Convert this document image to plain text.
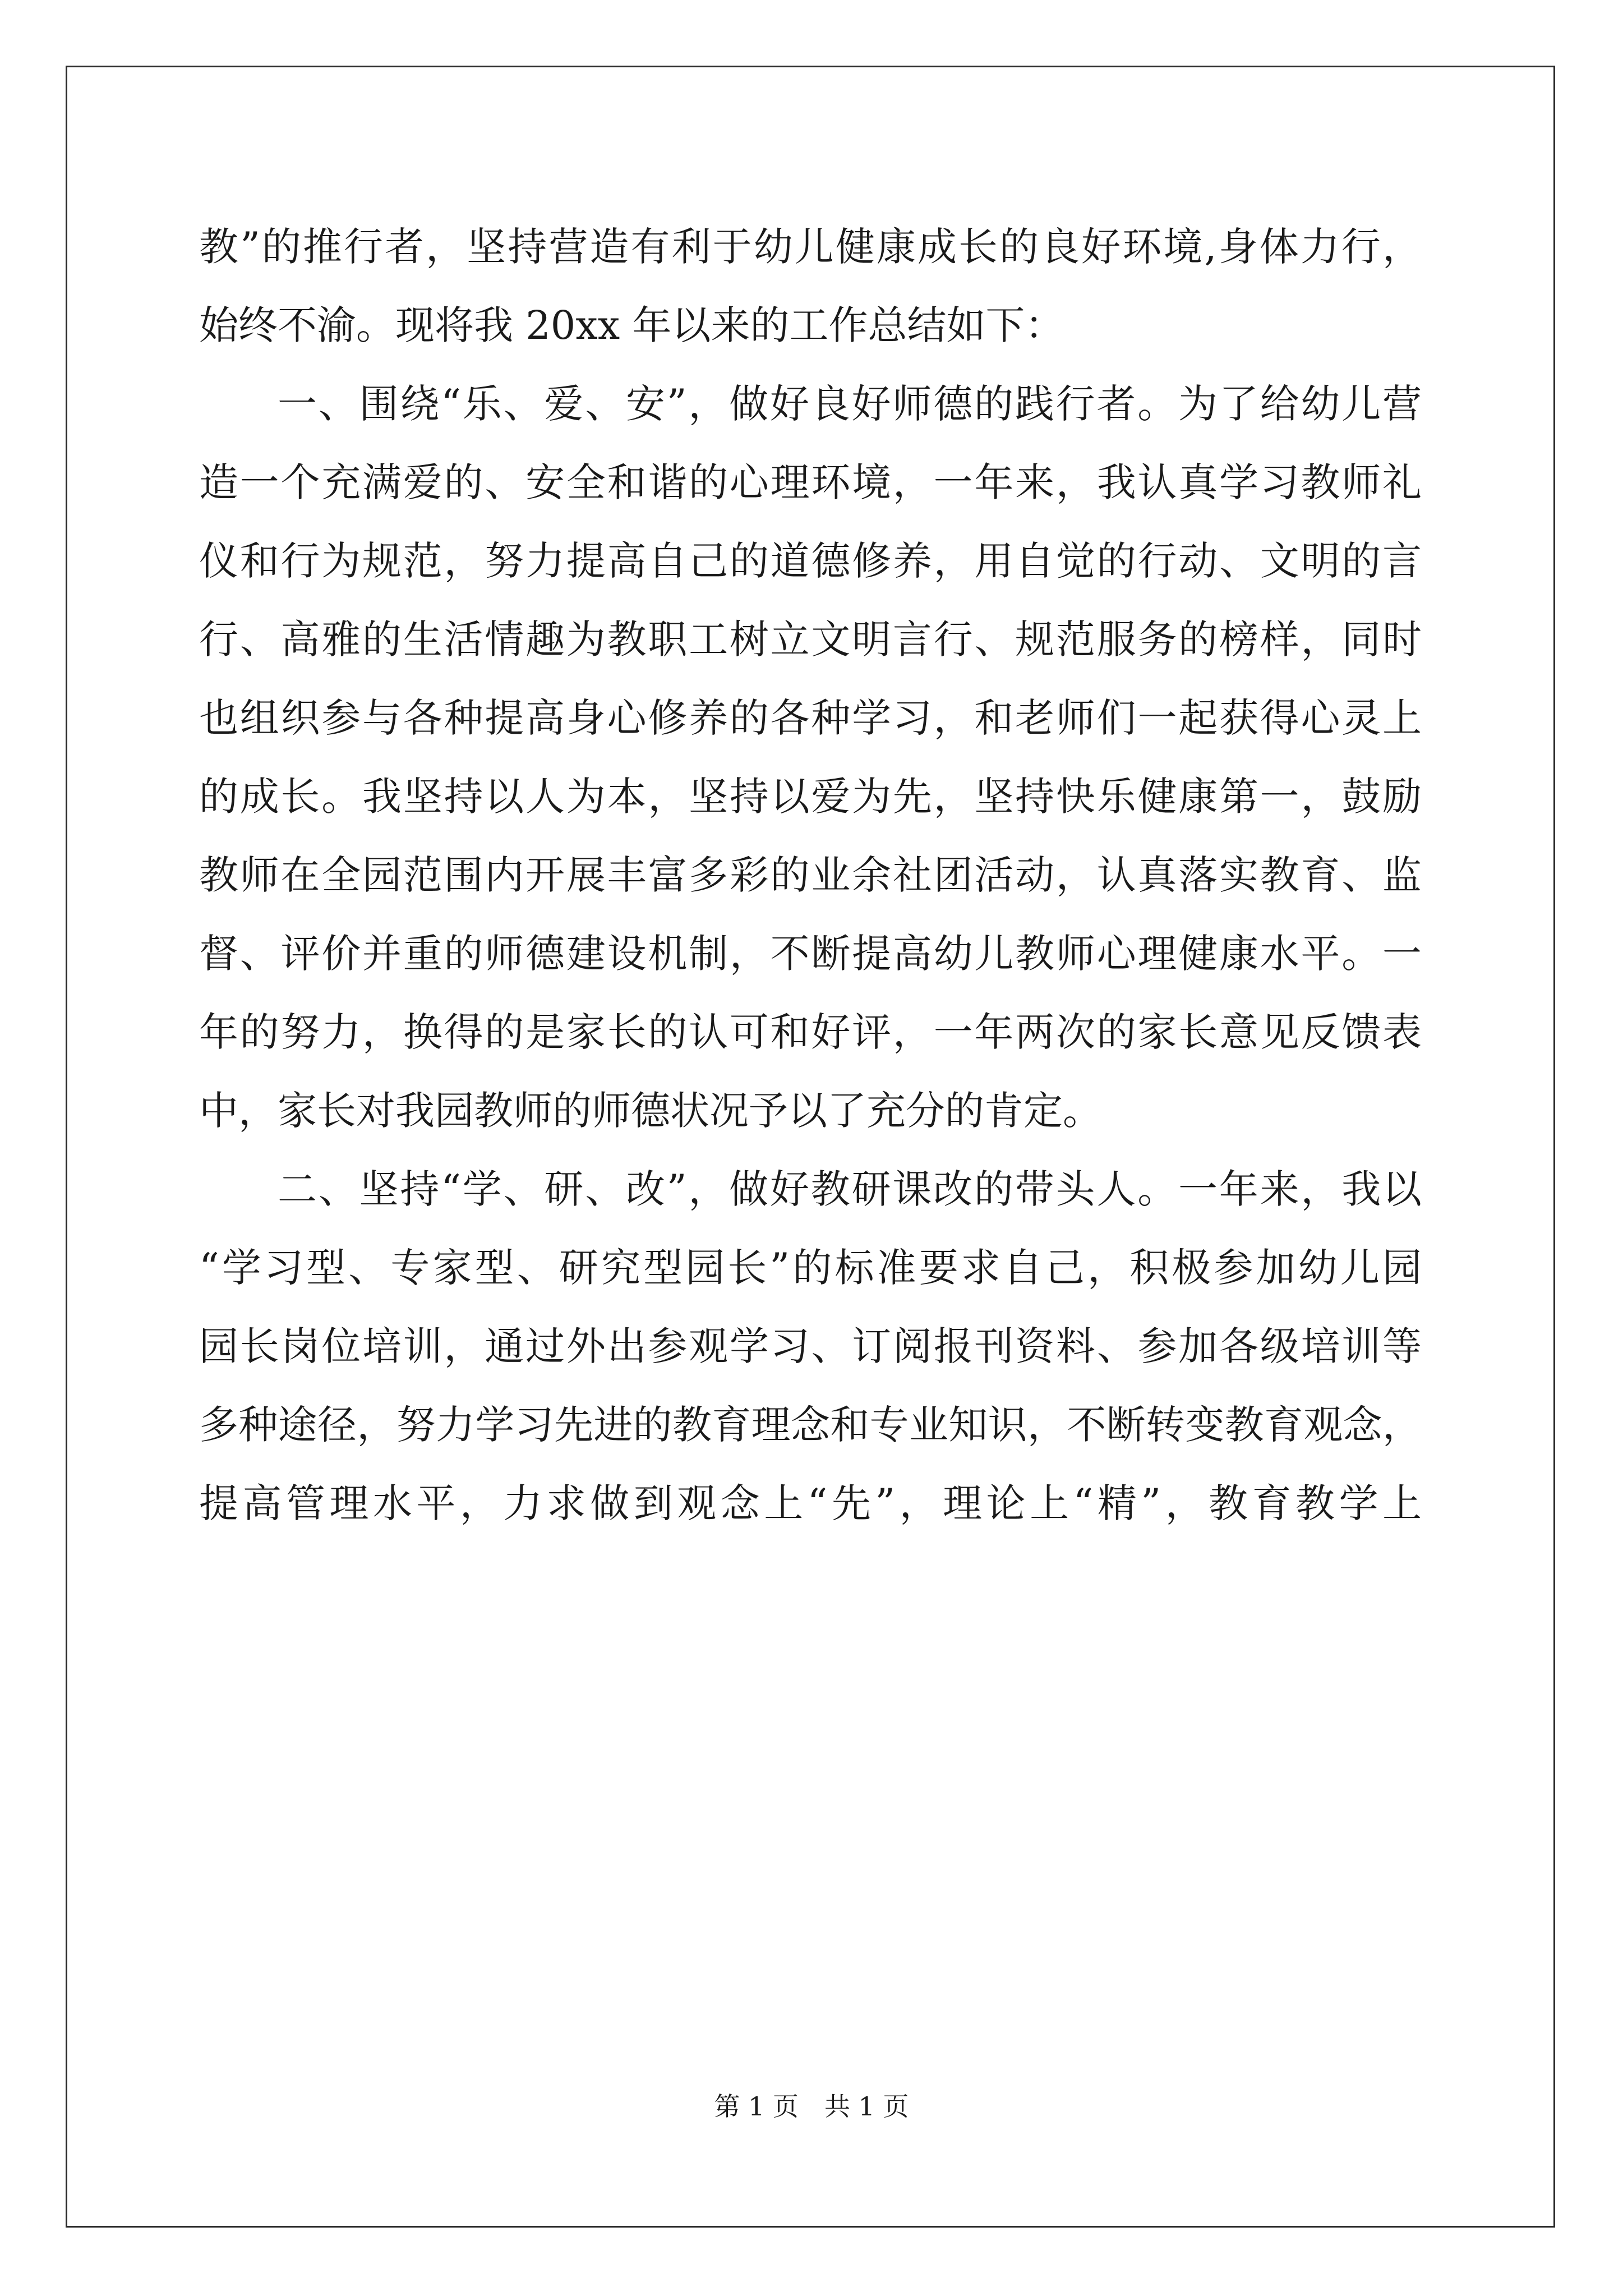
教”的推行者，坚持营造有利于幼儿健康成长的良好环境,身体力行，
始终不渝。现将我 20xx 年以来的工作总结如下：
一、围绕“乐、爱、安”，做好良好师德的践行者。为了给幼儿营
造一个充满爱的、安全和谐的心理环境，一年来，我认真学习教师礼
仪和行为规范，努力提高自己的道德修养，用自觉的行动、文明的言
行、高雅的生活情趣为教职工树立文明言行、规范服务的榜样，同时
也组织参与各种提高身心修养的各种学习，和老师们一起获得心灵上
的成长。我坚持以人为本，坚持以爱为先，坚持快乐健康第一，鼓励
教师在全园范围内开展丰富多彩的业余社团活动，认真落实教育、监
督、评价并重的师德建设机制，不断提高幼儿教师心理健康水平。一
年的努力，换得的是家长的认可和好评，一年两次的家长意见反馈表
中，家长对我园教师的师德状况予以了充分的肯定。
二、坚持“学、研、改”，做好教研课改的带头人。一年来，我以
“学习型、专家型、研究型园长”的标准要求自己，积极参加幼儿园
园长岗位培训，通过外出参观学习、订阅报刊资料、参加各级培训等
多种途径，努力学习先进的教育理念和专业知识，不断转变教育观念，
提高管理水平，力求做到观念上“先”，理论上“精”，教育教学上
第 1 页　共 1 页
